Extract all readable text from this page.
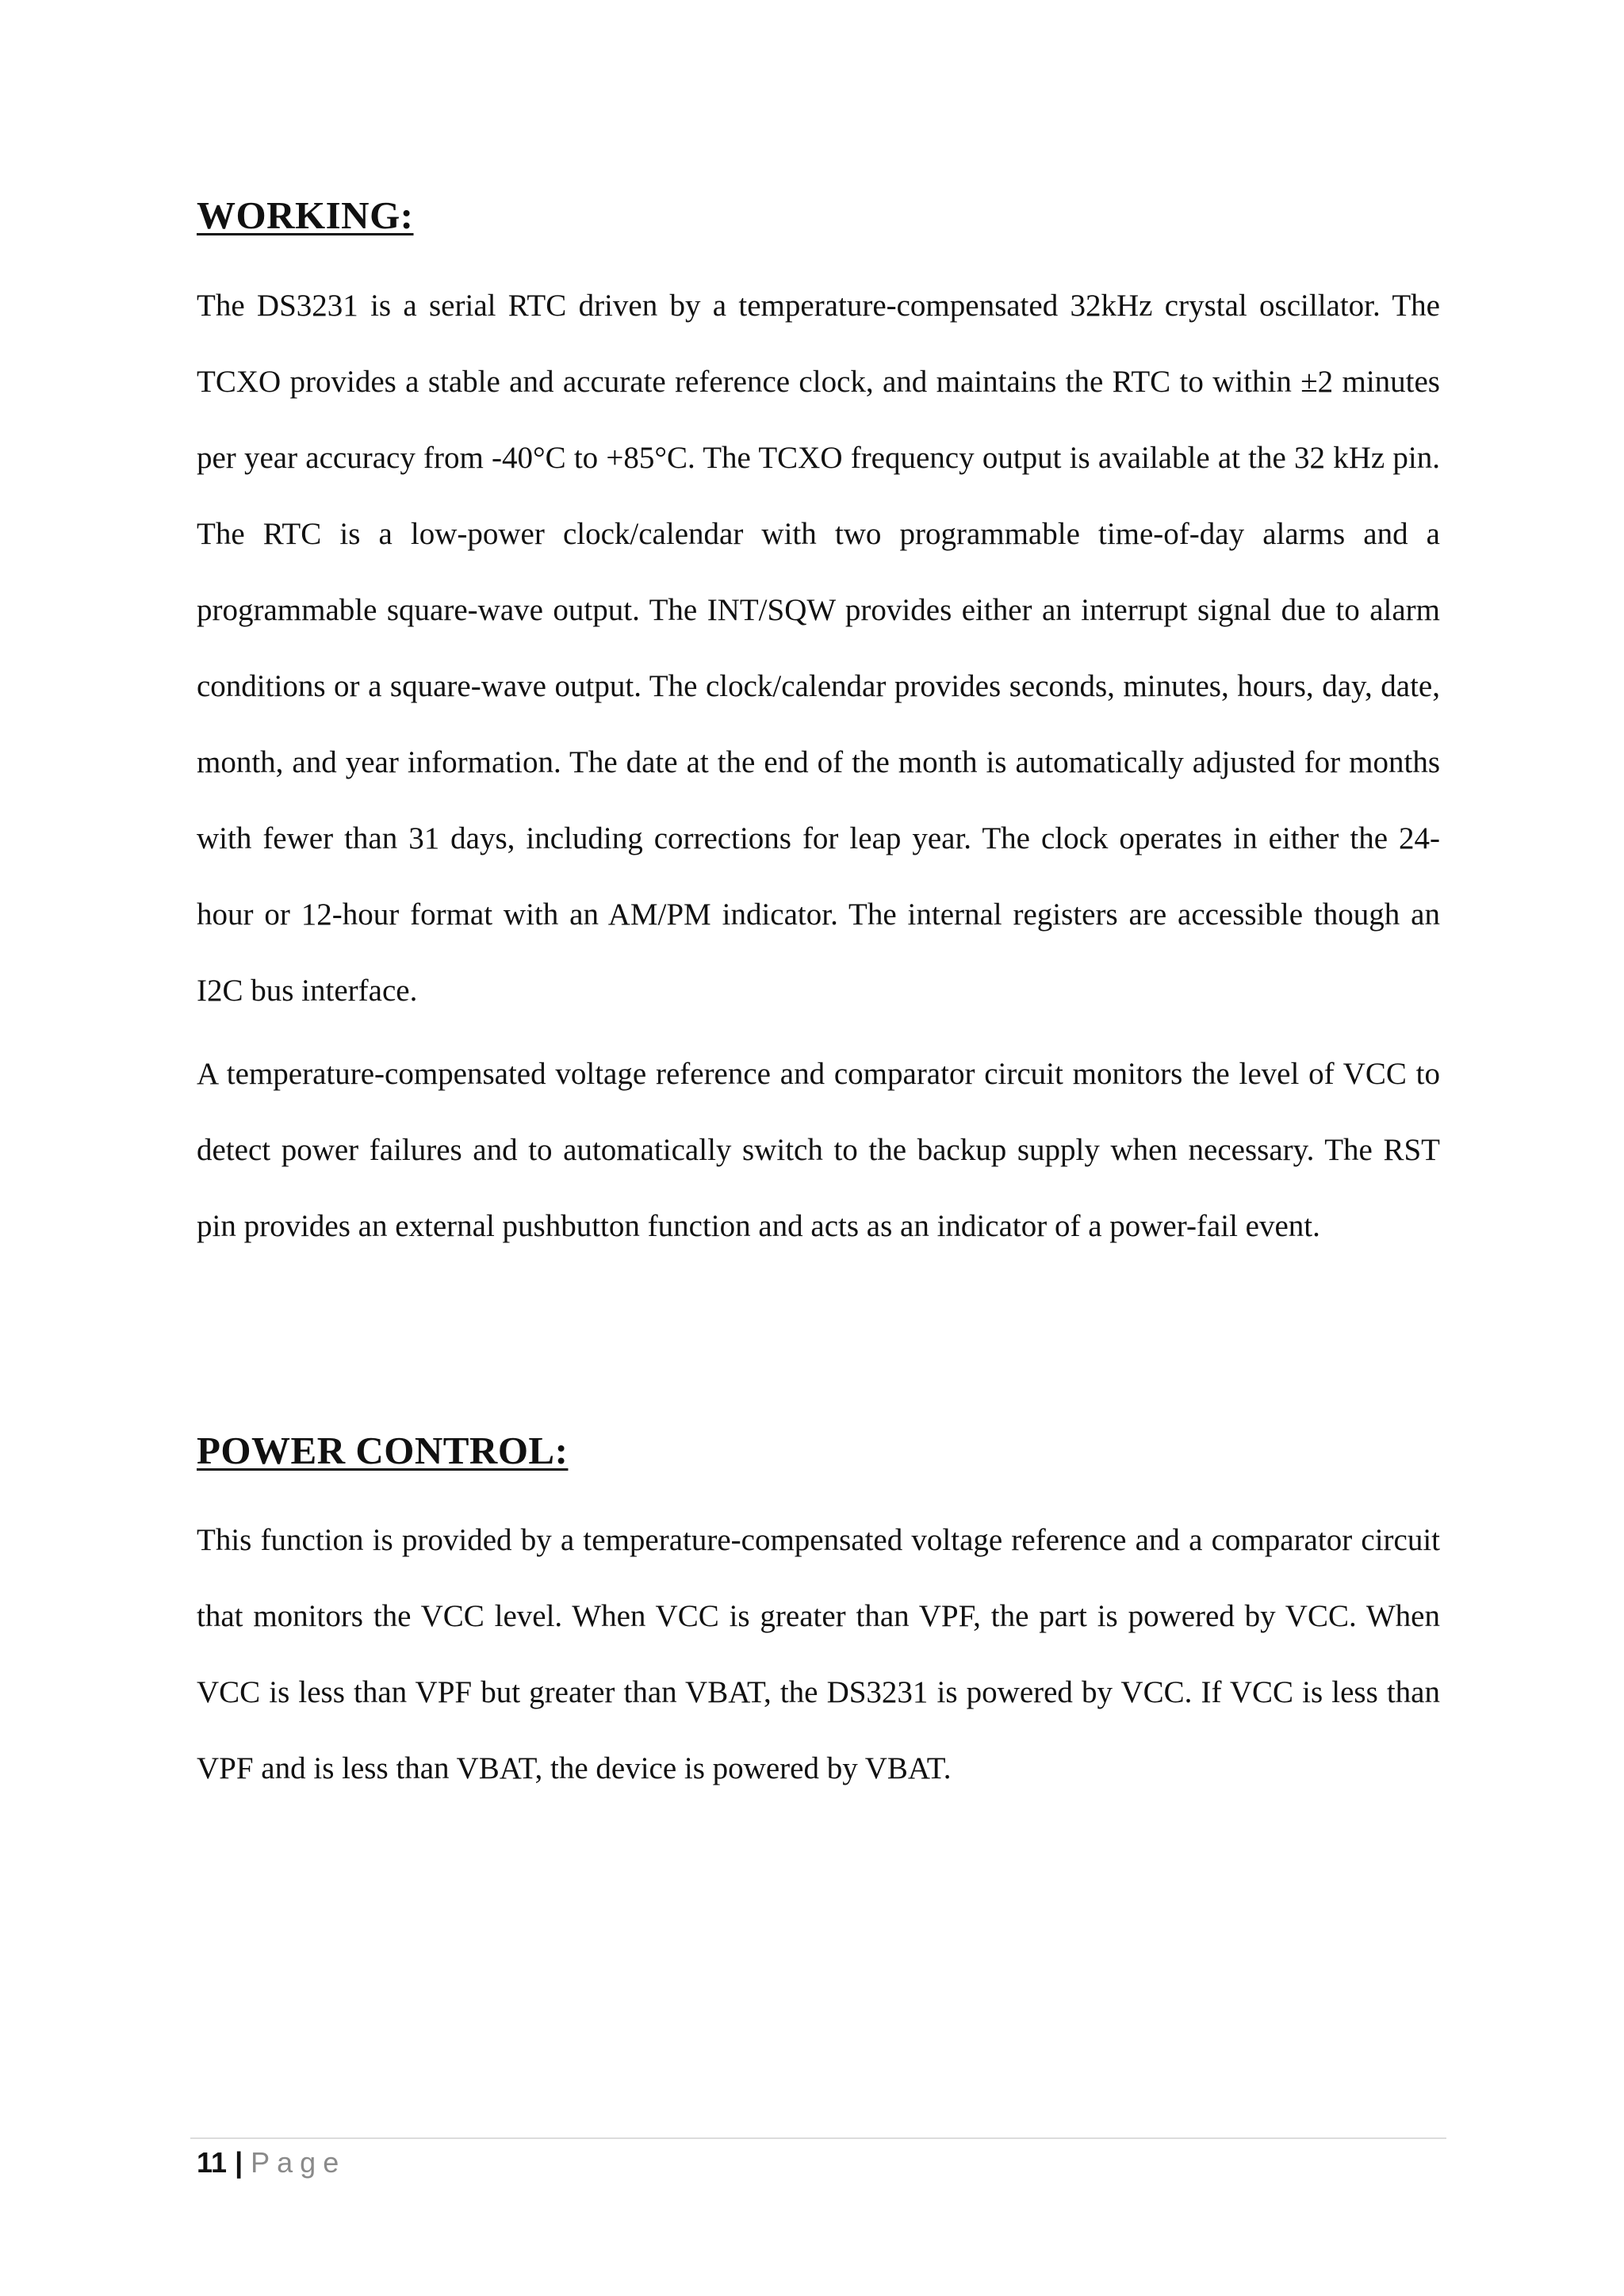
WORKING:

The DS3231 is a serial RTC driven by a temperature-compensated 32kHz crystal oscillator. The TCXO provides a stable and accurate reference clock, and maintains the RTC to within ±2 minutes per year accuracy from -40°C to +85°C. The TCXO frequency output is available at the 32 kHz pin. The RTC is a low-power clock/calendar with two programmable time-of-day alarms and a programmable square-wave output. The INT/SQW provides either an interrupt signal due to alarm conditions or a square-wave output. The clock/calendar provides seconds, minutes, hours, day, date, month, and year information. The date at the end of the month is automatically adjusted for months with fewer than 31 days, including corrections for leap year. The clock operates in either the 24-hour or 12-hour format with an AM/PM indicator. The internal registers are accessible though an I2C bus interface.

A temperature-compensated voltage reference and comparator circuit monitors the level of VCC to detect power failures and to automatically switch to the backup supply when necessary. The RST pin provides an external pushbutton function and acts as an indicator of a power-fail event.

POWER CONTROL:

This function is provided by a temperature-compensated voltage reference and a comparator circuit that monitors the VCC level. When VCC is greater than VPF, the part is powered by VCC. When VCC is less than VPF but greater than VBAT, the DS3231 is powered by VCC. If VCC is less than VPF and is less than VBAT, the device is powered by VBAT.

11 | Page
